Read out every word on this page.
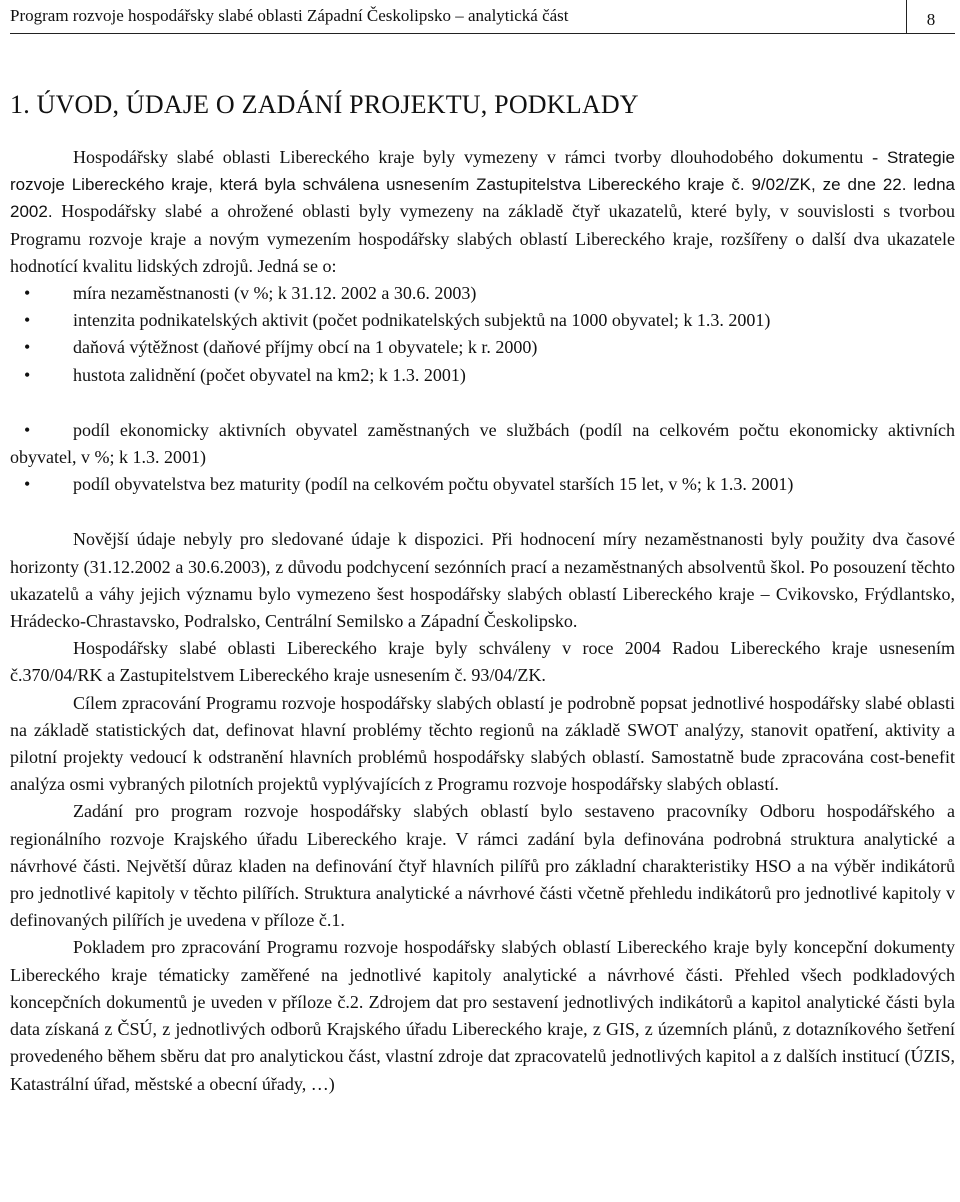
Program rozvoje hospodářsky slabé oblasti Západní Českolipsko – analytická část	8
1. ÚVOD, ÚDAJE O ZADÁNÍ PROJEKTU, PODKLADY

Hospodářsky slabé oblasti Libereckého kraje byly vymezeny v rámci tvorby dlouhodobého dokumentu - Strategie rozvoje Libereckého kraje, která byla schválena usnesením Zastupitelstva Libereckého kraje č. 9/02/ZK, ze dne 22. ledna 2002. Hospodářsky slabé a ohrožené oblasti byly vymezeny na základě čtyř ukazatelů, které byly, v souvislosti s tvorbou Programu rozvoje kraje a novým vymezením hospodářsky slabých oblastí Libereckého kraje, rozšířeny o další dva ukazatele hodnotící kvalitu lidských zdrojů. Jedná se o:

• míra nezaměstnanosti (v %; k 31.12. 2002 a 30.6. 2003)
• intenzita podnikatelských aktivit (počet podnikatelských subjektů na 1000 obyvatel; k 1.3. 2001)
• daňová výtěžnost (daňové příjmy obcí na 1 obyvatele; k r. 2000)
• hustota zalidnění (počet obyvatel na km2; k 1.3. 2001)
• podíl ekonomicky aktivních obyvatel zaměstnaných ve službách (podíl na celkovém počtu ekonomicky aktivních obyvatel, v %; k 1.3. 2001)
• podíl obyvatelstva bez maturity (podíl na celkovém počtu obyvatel starších 15 let, v %; k 1.3. 2001)

Novější údaje nebyly pro sledované údaje k dispozici. Při hodnocení míry nezaměstnanosti byly použity dva časové horizonty (31.12.2002 a 30.6.2003), z důvodu podchycení sezónních prací a nezaměstnaných absolventů škol. Po posouzení těchto ukazatelů a váhy jejich významu bylo vymezeno šest hospodářsky slabých oblastí Libereckého kraje – Cvikovsko, Frýdlantsko, Hrádecko-Chrastavsko, Podralsko, Centrální Semilsko a Západní Českolipsko.

Hospodářsky slabé oblasti Libereckého kraje byly schváleny v roce 2004 Radou Libereckého kraje usnesením č.370/04/RK a Zastupitelstvem Libereckého kraje usnesením č. 93/04/ZK.

Cílem zpracování Programu rozvoje hospodářsky slabých oblastí je podrobně popsat jednotlivé hospodářsky slabé oblasti na základě statistických dat, definovat hlavní problémy těchto regionů na základě SWOT analýzy, stanovit opatření, aktivity a pilotní projekty vedoucí k odstranění hlavních problémů hospodářsky slabých oblastí. Samostatně bude zpracována cost-benefit analýza osmi vybraných pilotních projektů vyplývajících z Programu rozvoje hospodářsky slabých oblastí.

Zadání pro program rozvoje hospodářsky slabých oblastí bylo sestaveno pracovníky Odboru hospodářského a regionálního rozvoje Krajského úřadu Libereckého kraje. V rámci zadání byla definována podrobná struktura analytické a návrhové části. Největší důraz kladen na definování čtyř hlavních pilířů pro základní charakteristiky HSO a na výběr indikátorů pro jednotlivé kapitoly v těchto pilířích. Struktura analytické a návrhové části včetně přehledu indikátorů pro jednotlivé kapitoly v definovaných pilířích je uvedena v příloze č.1.

Pokladem pro zpracování Programu rozvoje hospodářsky slabých oblastí Libereckého kraje byly koncepční dokumenty Libereckého kraje tématicky zaměřené na jednotlivé kapitoly analytické a návrhové části. Přehled všech podkladových koncepčních dokumentů je uveden v příloze č.2. Zdrojem dat pro sestavení jednotlivých indikátorů a kapitol analytické části byla data získaná z ČSÚ, z jednotlivých odborů Krajského úřadu Libereckého kraje, z GIS, z územních plánů, z dotazníkového šetření provedeného během sběru dat pro analytickou část, vlastní zdroje dat zpracovatelů jednotlivých kapitol a z dalších institucí (ÚZIS, Katastrální úřad, městské a obecní úřady, …)
